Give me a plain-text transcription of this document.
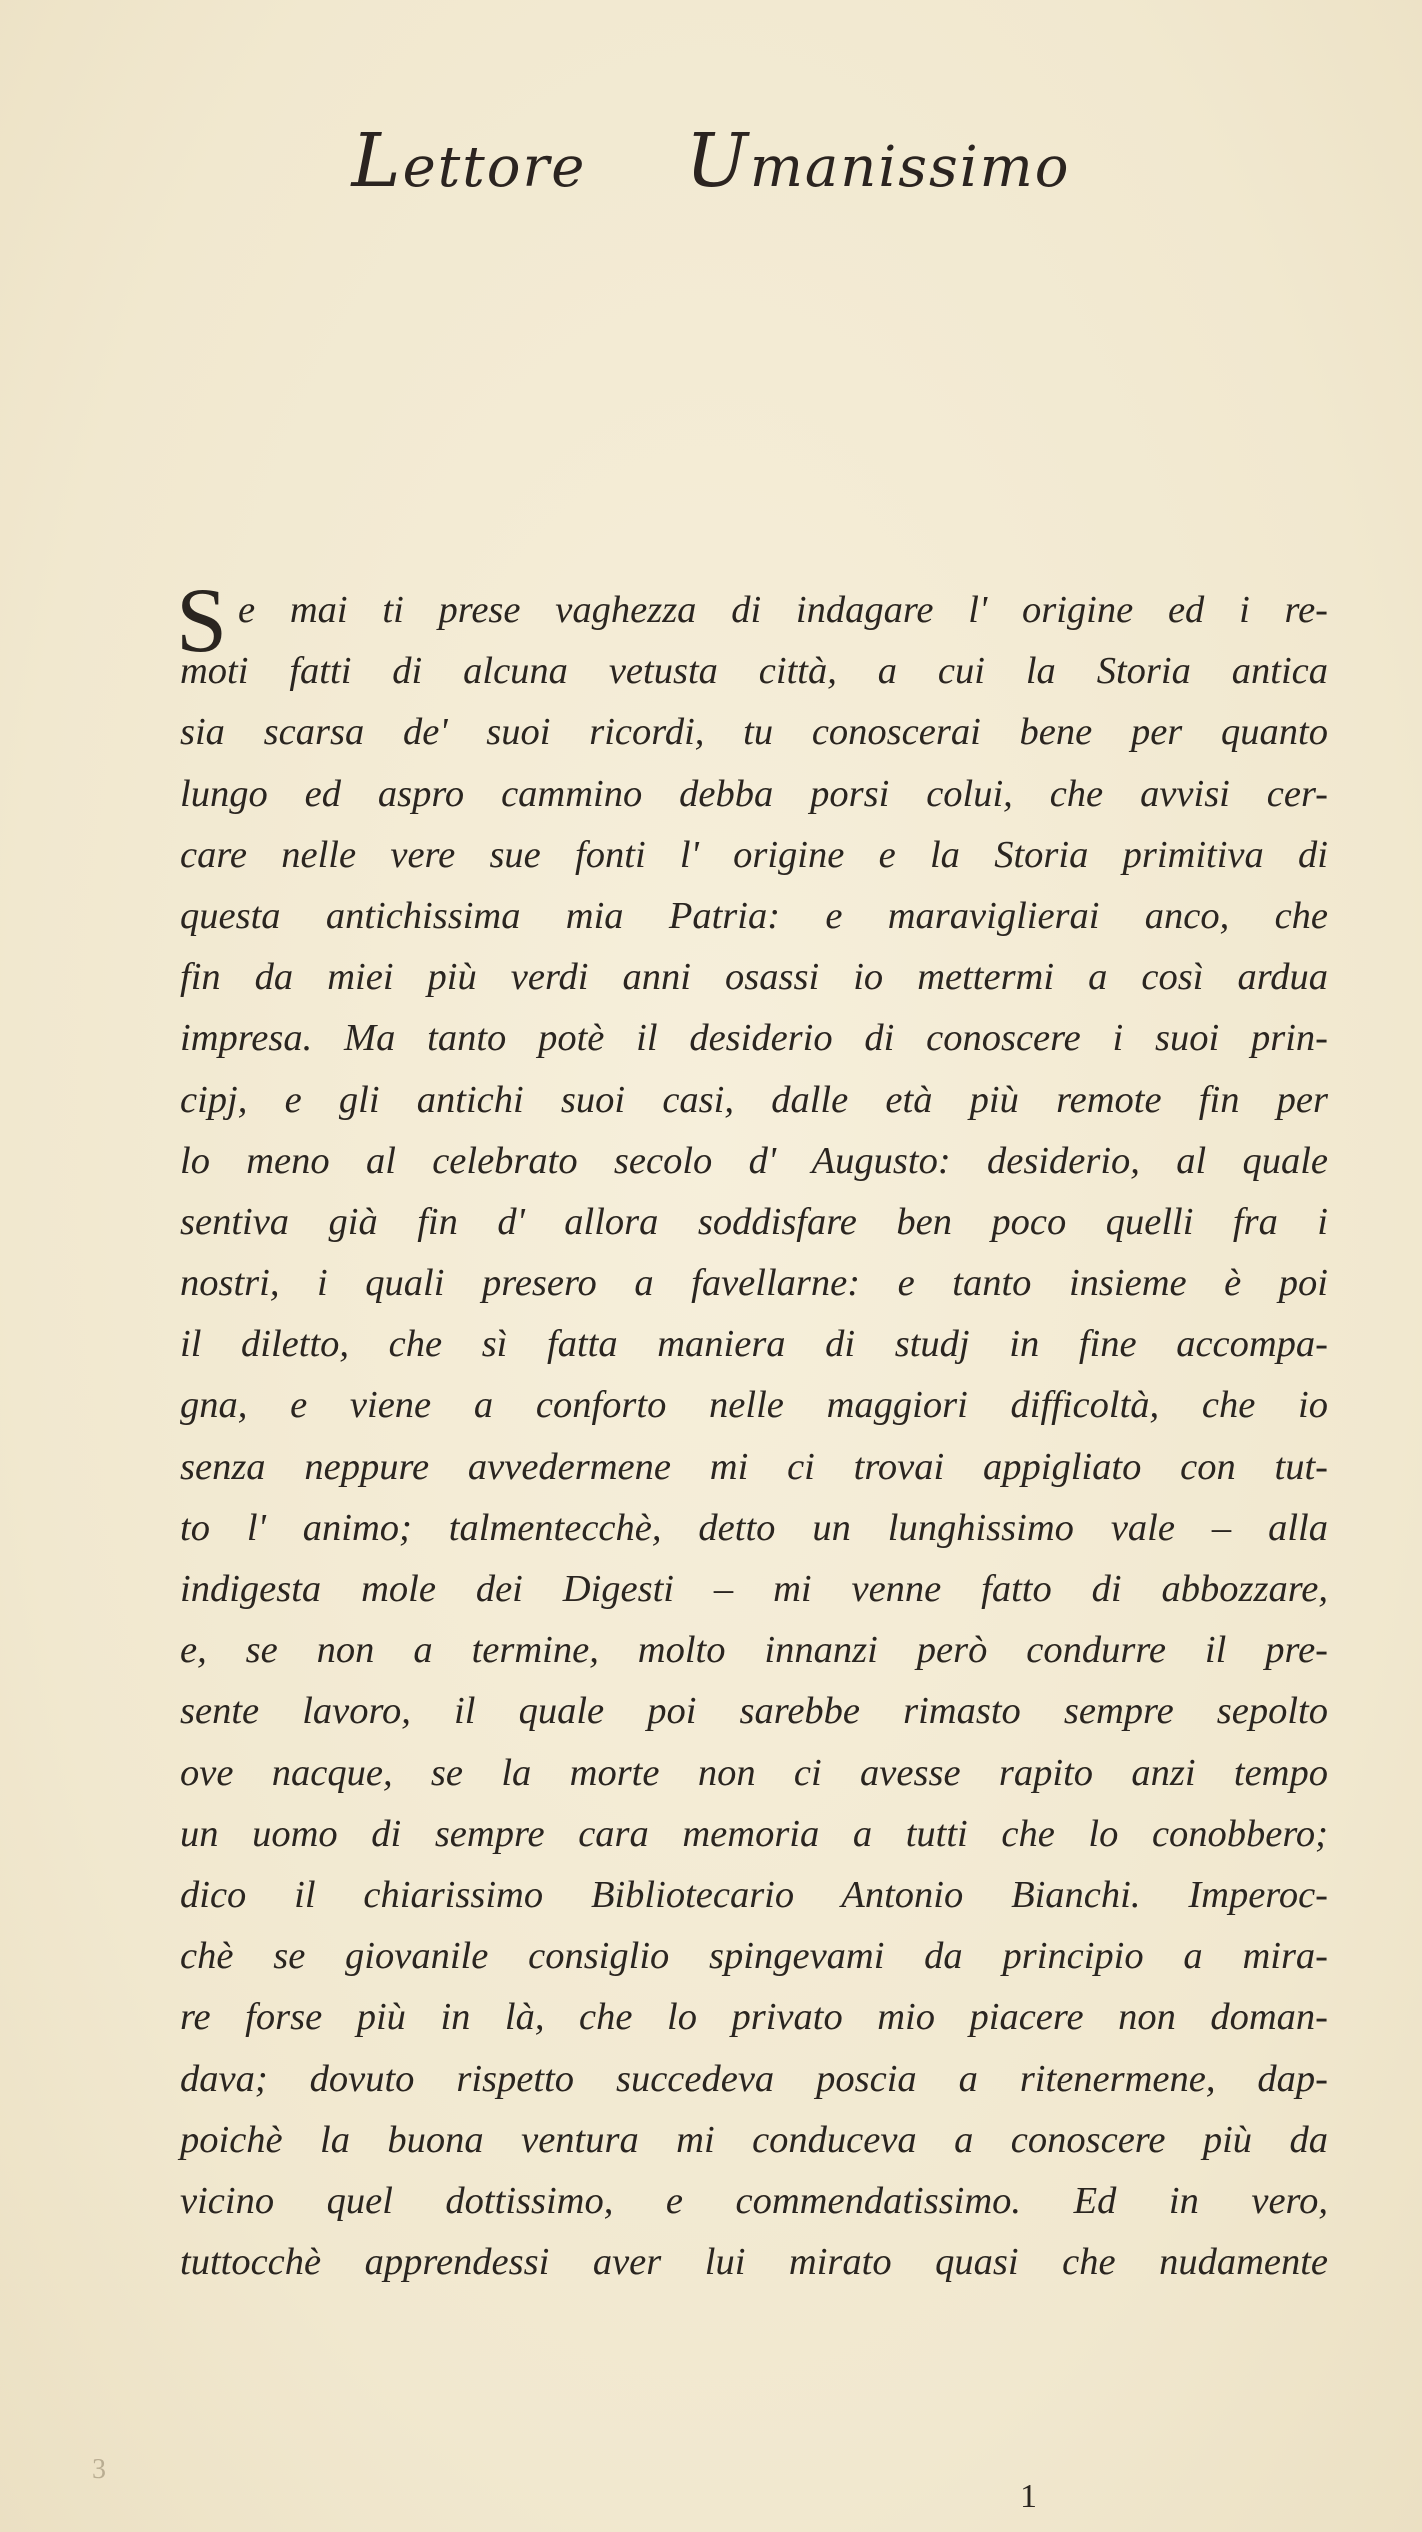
Lettore Umanissimo
S e mai ti prese vaghezza di indagare l' origine ed i re-
moti fatti di alcuna vetusta città, a cui la Storia antica
sia scarsa de' suoi ricordi, tu conoscerai bene per quanto
lungo ed aspro cammino debba porsi colui, che avvisi cer-
care nelle vere sue fonti l' origine e la Storia primitiva di
questa antichissima mia Patria: e maraviglierai anco, che
fin da miei più verdi anni osassi io mettermi a così ardua
impresa. Ma tanto potè il desiderio di conoscere i suoi prin-
cipj, e gli antichi suoi casi, dalle età più remote fin per
lo meno al celebrato secolo d' Augusto: desiderio, al quale
sentiva già fin d' allora soddisfare ben poco quelli fra i
nostri, i quali presero a favellarne: e tanto insieme è poi
il diletto, che sì fatta maniera di studj in fine accompa-
gna, e viene a conforto nelle maggiori difficoltà, che io
senza neppure avvedermene mi ci trovai appigliato con tut-
to l' animo; talmentecchè, detto un lunghissimo vale – alla
indigesta mole dei Digesti – mi venne fatto di abbozzare,
e, se non a termine, molto innanzi però condurre il pre-
sente lavoro, il quale poi sarebbe rimasto sempre sepolto
ove nacque, se la morte non ci avesse rapito anzi tempo
un uomo di sempre cara memoria a tutti che lo conobbero;
dico il chiarissimo Bibliotecario Antonio Bianchi. Imperoc-
chè se giovanile consiglio spingevami da principio a mira-
re forse più in là, che lo privato mio piacere non doman-
dava; dovuto rispetto succedeva poscia a ritenermene, dap-
poichè la buona ventura mi conduceva a conoscere più da
vicino quel dottissimo, e commendatissimo. Ed in vero,
tuttocchè apprendessi aver lui mirato quasi che nudamente
3
1
